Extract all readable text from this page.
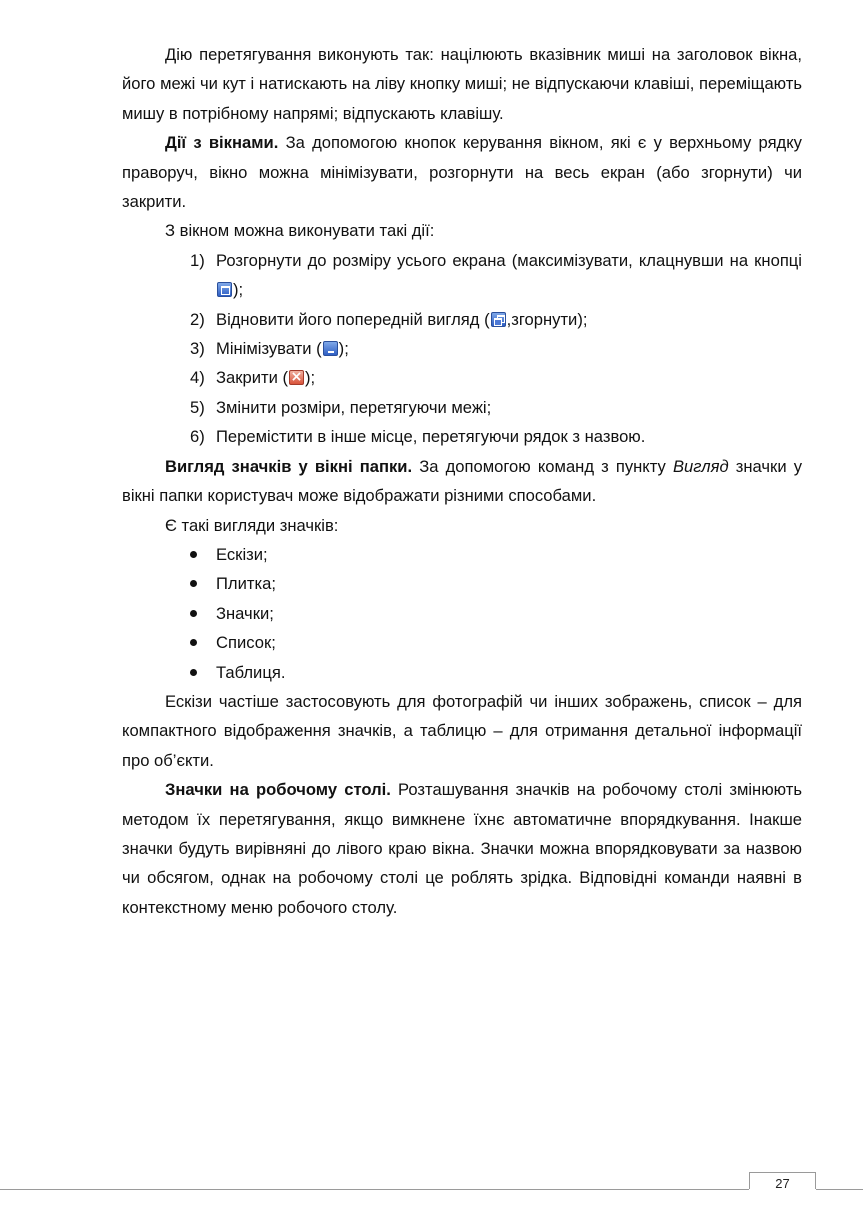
Дію перетягування виконують так: націлюють вказівник миші на заголовок вікна, його межі чи кут і натискають на ліву кнопку миші; не відпускаючи клавіші, переміщають мишу в потрібному напрямі; відпускають клавішу.

Дії з вікнами. За допомогою кнопок керування вікном, які є у верхньому рядку праворуч, вікно можна мінімізувати, розгорнути на весь екран (або згорнути) чи закрити.

З вікном можна виконувати такі дії:

1) Розгорнути до розміру усього екрана (максимізувати, клацнувши на кнопці);
2) Відновити його попередній вигляд ( ,згорнути);
3) Мінімізувати ( );
4) Закрити (× );
5) Змінити розміри, перетягуючи межі;
6) Перемістити в інше місце, перетягуючи рядок з назвою.

Вигляд значків у вікні папки. За допомогою команд з пункту Вигляд значки у вікні папки користувач може відображати різними способами.

Є такі вигляди значків:

Ескізи;
Плитка;
Значки;
Список;
Таблиця.

Ескізи частіше застосовують для фотографій чи інших зображень, список – для компактного відображення значків, а таблицю – для отримання детальної інформації про об’єкти.

Значки на робочому столі. Розташування значків на робочому столі змінюють методом їх перетягування, якщо вимкнене їхнє автоматичне впорядкування. Інакше значки будуть вирівняні до лівого краю вікна. Значки можна впорядковувати за назвою чи обсягом, однак на робочому столі це роблять зрідка. Відповідні команди наявні в контекстному меню робочого столу.

27
